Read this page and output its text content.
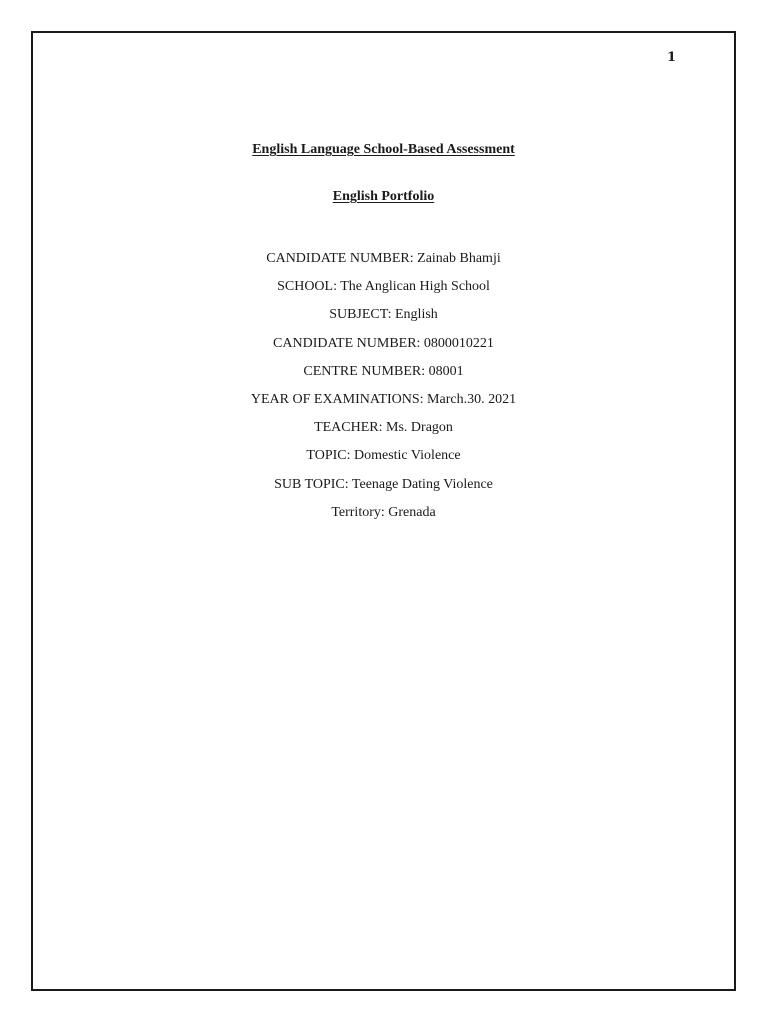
1
English Language School-Based Assessment
English Portfolio
CANDIDATE NUMBER: Zainab Bhamji
SCHOOL: The Anglican High School
SUBJECT: English
CANDIDATE NUMBER: 0800010221
CENTRE NUMBER: 08001
YEAR OF EXAMINATIONS: March.30. 2021
TEACHER: Ms. Dragon
TOPIC: Domestic Violence
SUB TOPIC: Teenage Dating Violence
Territory: Grenada
